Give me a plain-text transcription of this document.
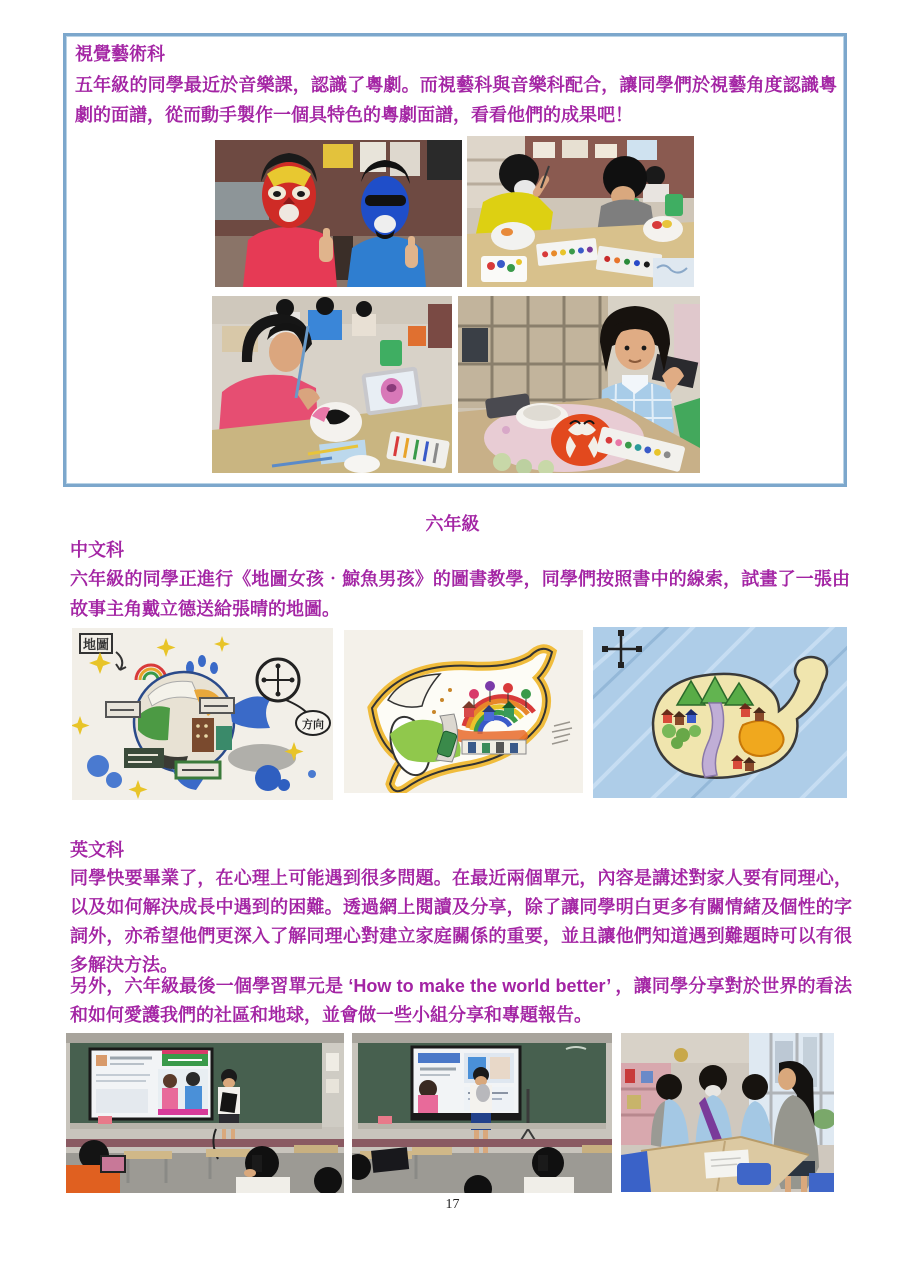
視覺藝術科
五年級的同學最近於音樂課，認識了粵劇。而視藝科與音樂科配合，讓同學們於視藝角度認識粵劇的面譜，從而動手製作一個具特色的粵劇面譜，看看他們的成果吧！
六年級
中文科
六年級的同學正進行《地圖女孩‧鯨魚男孩》的圖書教學，同學們按照書中的線索，試畫了一張由故事主角戴立德送給張晴的地圖。
地圖
方向
英文科
同學快要畢業了，在心理上可能遇到很多問題。在最近兩個單元，內容是講述對家人要有同理心，以及如何解決成長中遇到的困難。透過網上閱讀及分享，除了讓同學明白更多有關情緒及個性的字詞外，亦希望他們更深入了解同理心對建立家庭關係的重要，並且讓他們知道遇到難題時可以有很多解決方法。
另外，六年級最後一個學習單元是 ‘How to make the world better’ ，讓同學分享對於世界的看法和如何愛護我們的社區和地球，並會做一些小組分享和專題報告。
17
